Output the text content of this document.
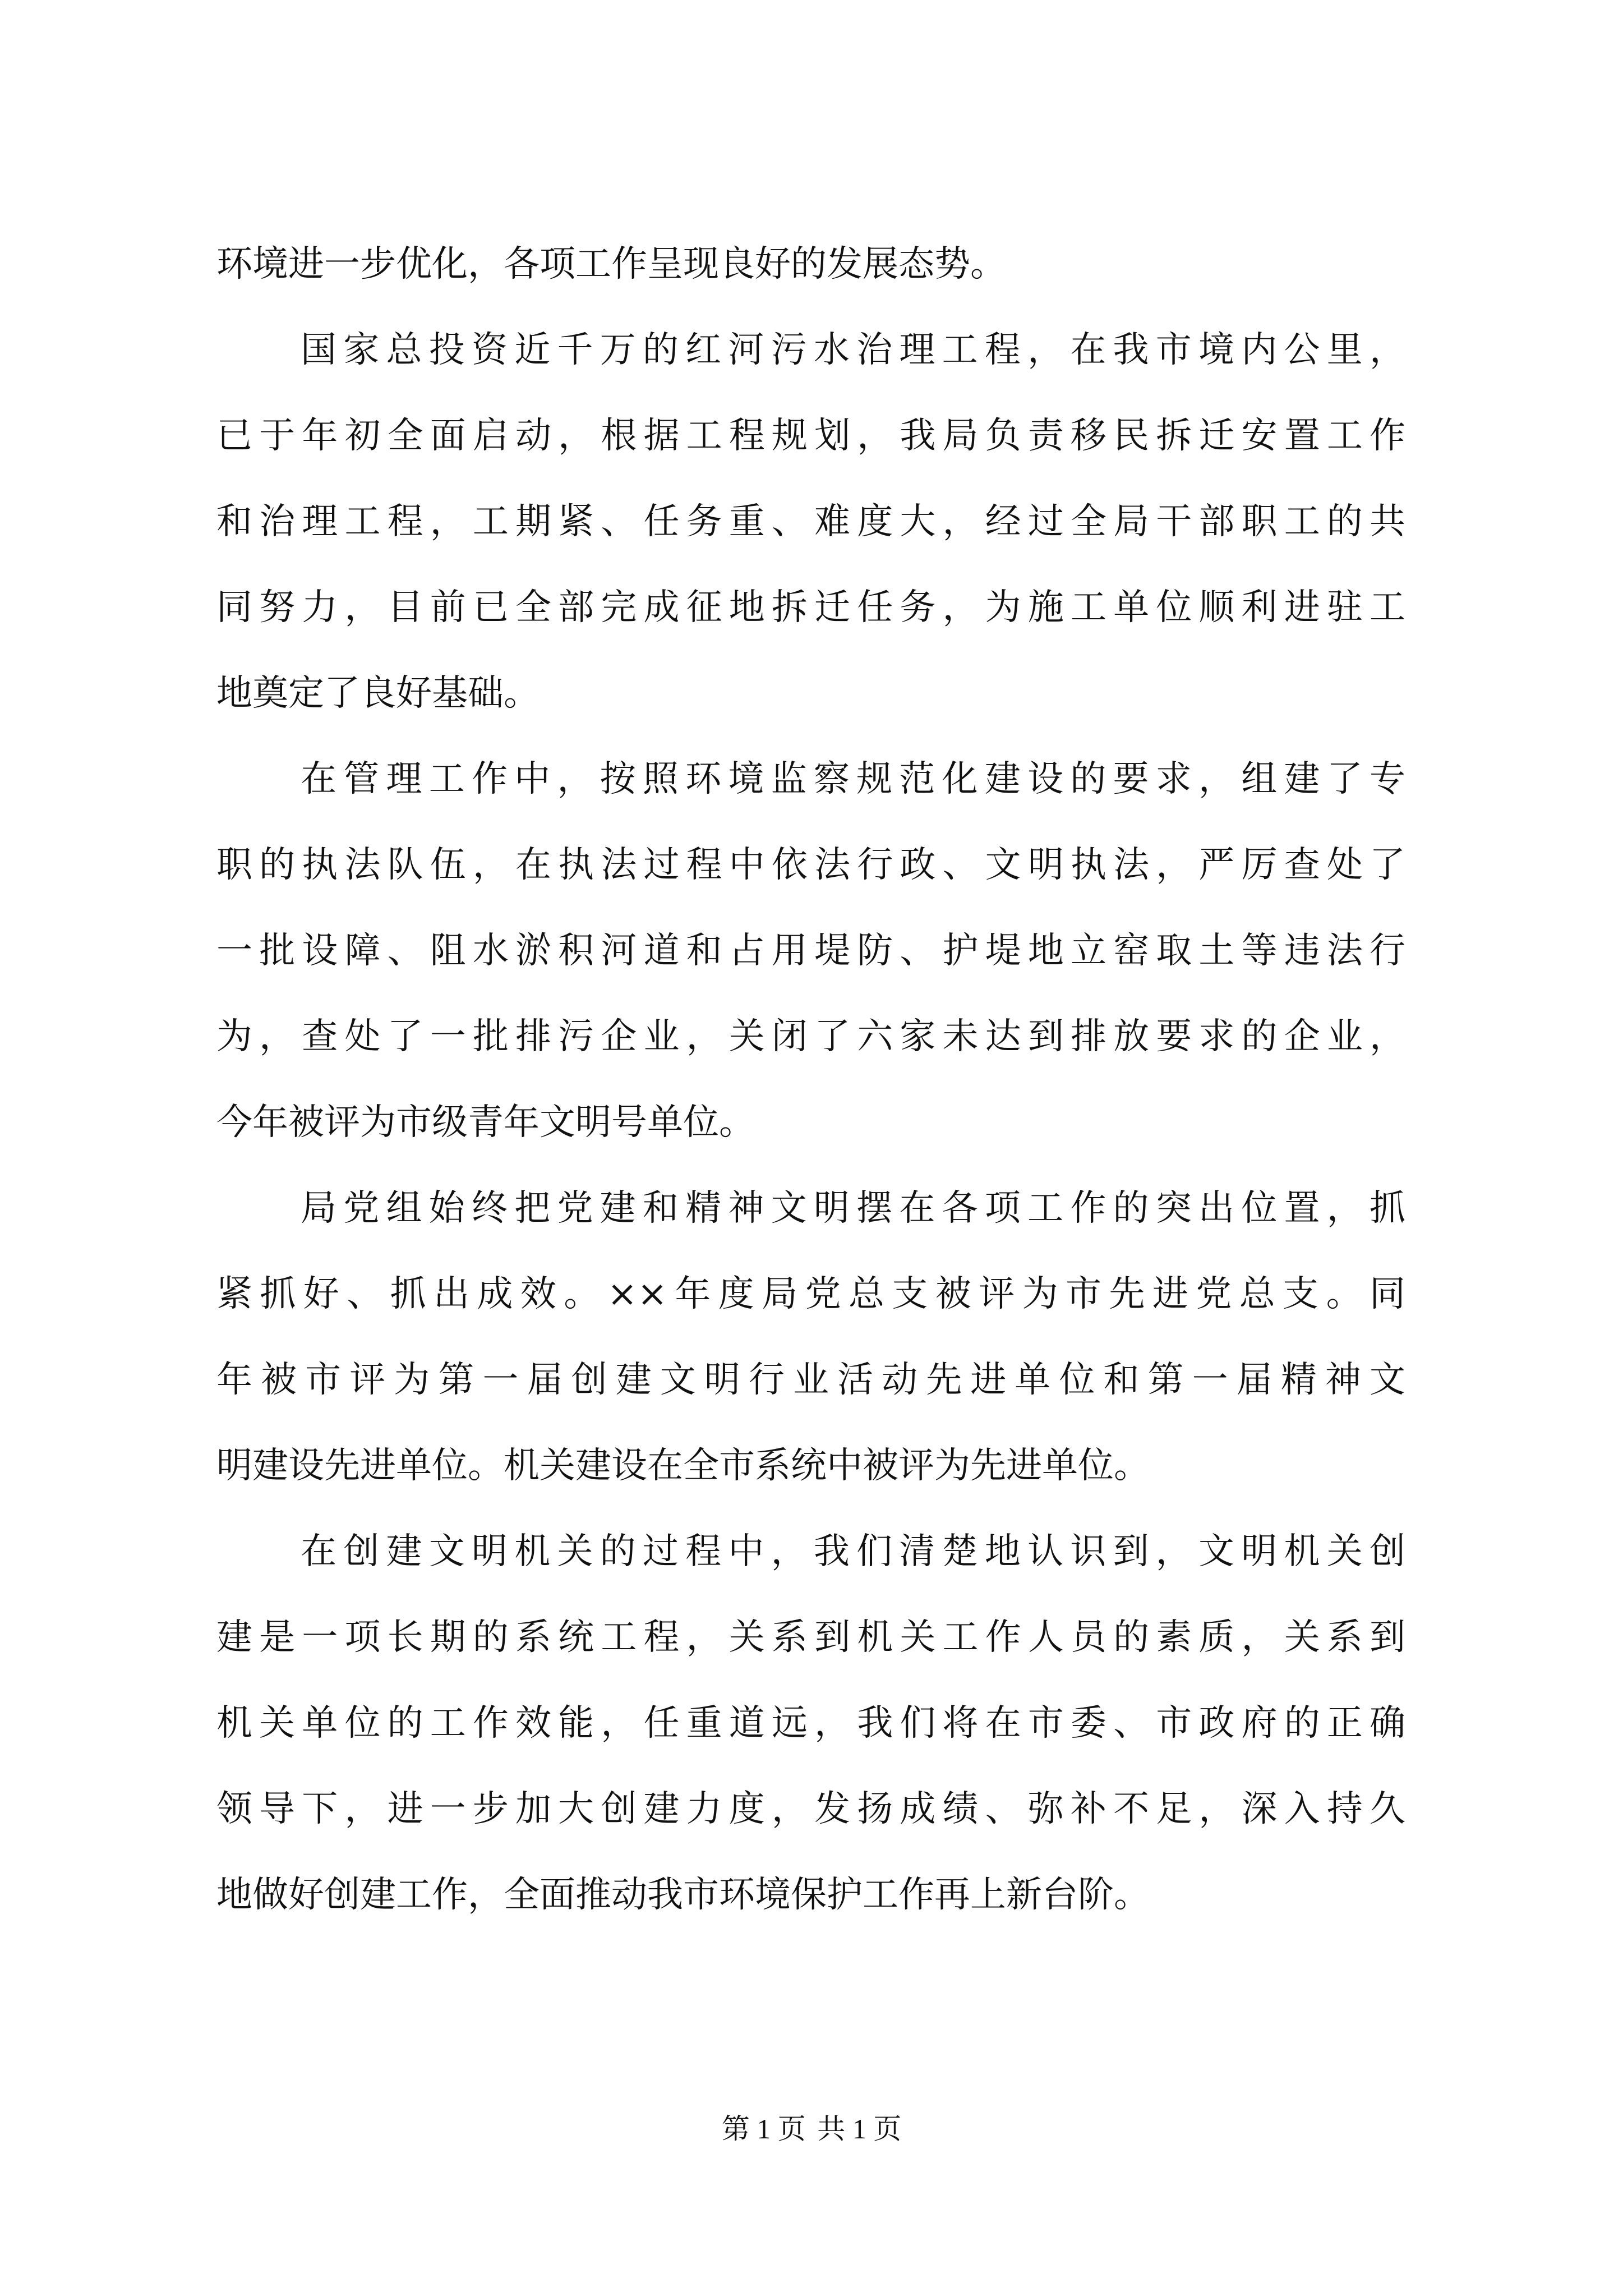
环境进一步优化，各项工作呈现良好的发展态势。
国家总投资近千万的红河污水治理工程，在我市境内公里，
已于年初全面启动，根据工程规划，我局负责移民拆迁安置工作
和治理工程，工期紧、任务重、难度大，经过全局干部职工的共
同努力，目前已全部完成征地拆迁任务，为施工单位顺利进驻工
地奠定了良好基础。
在管理工作中，按照环境监察规范化建设的要求，组建了专
职的执法队伍，在执法过程中依法行政、文明执法，严厉查处了
一批设障、阻水淤积河道和占用堤防、护堤地立窑取土等违法行
为，查处了一批排污企业，关闭了六家未达到排放要求的企业，
今年被评为市级青年文明号单位。
局党组始终把党建和精神文明摆在各项工作的突出位置，抓
紧抓好、抓出成效。××年度局党总支被评为市先进党总支。同
年被市评为第一届创建文明行业活动先进单位和第一届精神文
明建设先进单位。机关建设在全市系统中被评为先进单位。
在创建文明机关的过程中，我们清楚地认识到，文明机关创
建是一项长期的系统工程，关系到机关工作人员的素质，关系到
机关单位的工作效能，任重道远，我们将在市委、市政府的正确
领导下，进一步加大创建力度，发扬成绩、弥补不足，深入持久
地做好创建工作，全面推动我市环境保护工作再上新台阶。
第 1 页 共 1 页
